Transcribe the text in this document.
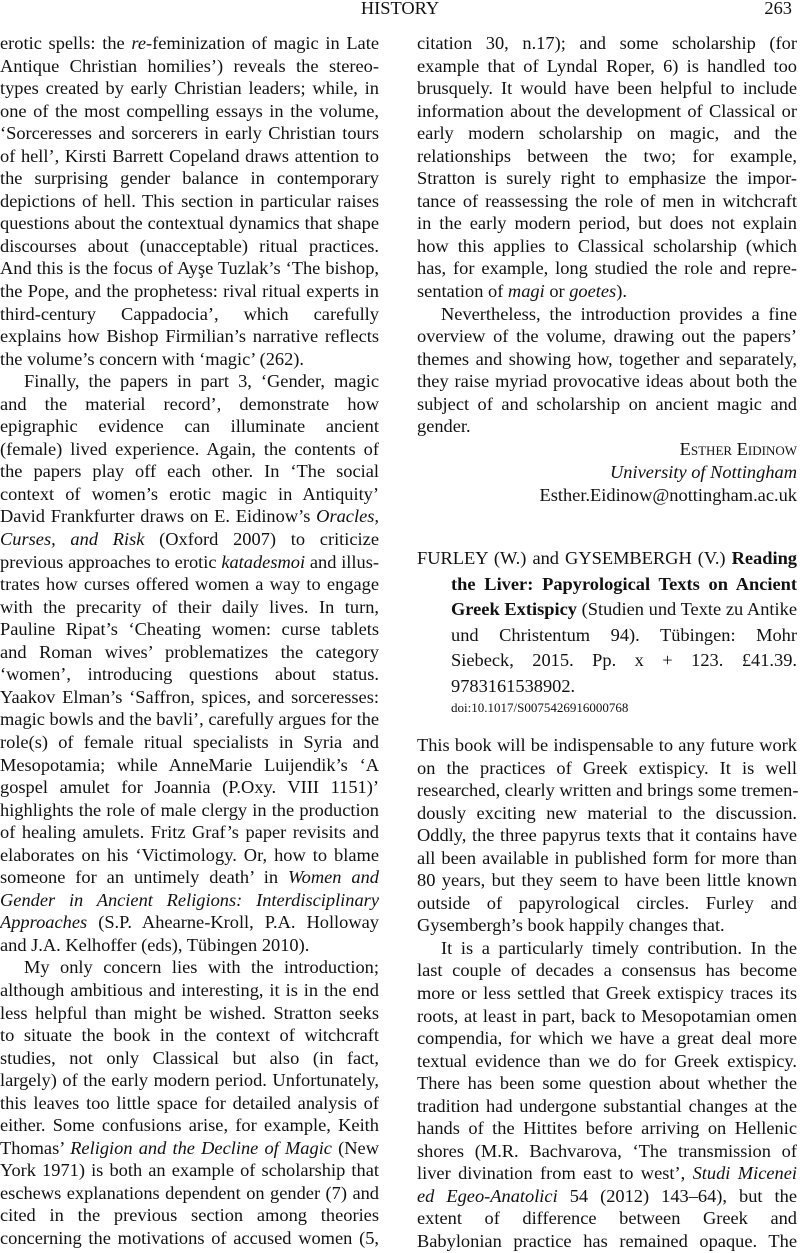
HISTORY	263
erotic spells: the re-feminization of magic in Late
Antique Christian homilies’) reveals the stereo-
types created by early Christian leaders; while, in
one of the most compelling essays in the volume,
‘Sorceresses and sorcerers in early Christian tours
of hell’, Kirsti Barrett Copeland draws attention to
the surprising gender balance in contemporary
depictions of hell. This section in particular raises
questions about the contextual dynamics that shape
discourses about (unacceptable) ritual practices.
And this is the focus of Ayşe Tuzlak’s ‘The bishop,
the Pope, and the prophetess: rival ritual experts in
third-century Cappadocia’, which carefully
explains how Bishop Firmilian’s narrative reflects
the volume’s concern with ‘magic’ (262).
Finally, the papers in part 3, ‘Gender, magic
and the material record’, demonstrate how
epigraphic evidence can illuminate ancient
(female) lived experience. Again, the contents of
the papers play off each other. In ‘The social
context of women’s erotic magic in Antiquity’
David Frankfurter draws on E. Eidinow’s Oracles,
Curses, and Risk (Oxford 2007) to criticize
previous approaches to erotic katadesmoi and illus-
trates how curses offered women a way to engage
with the precarity of their daily lives. In turn,
Pauline Ripat’s ‘Cheating women: curse tablets
and Roman wives’ problematizes the category
‘women’, introducing questions about status.
Yaakov Elman’s ‘Saffron, spices, and sorceresses:
magic bowls and the bavli’, carefully argues for the
role(s) of female ritual specialists in Syria and
Mesopotamia; while AnneMarie Luijendik’s ‘A
gospel amulet for Joannia (P.Oxy. VIII 1151)’
highlights the role of male clergy in the production
of healing amulets. Fritz Graf’s paper revisits and
elaborates on his ‘Victimology. Or, how to blame
someone for an untimely death’ in Women and
Gender in Ancient Religions: Interdisciplinary
Approaches (S.P. Ahearne-Kroll, P.A. Holloway
and J.A. Kelhoffer (eds), Tübingen 2010).
My only concern lies with the introduction;
although ambitious and interesting, it is in the end
less helpful than might be wished. Stratton seeks
to situate the book in the context of witchcraft
studies, not only Classical but also (in fact,
largely) of the early modern period. Unfortunately,
this leaves too little space for detailed analysis of
either. Some confusions arise, for example, Keith
Thomas’ Religion and the Decline of Magic (New
York 1971) is both an example of scholarship that
eschews explanations dependent on gender (7) and
cited in the previous section among theories
concerning the motivations of accused women (5,
citation 30, n.17); and some scholarship (for
example that of Lyndal Roper, 6) is handled too
brusquely. It would have been helpful to include
information about the development of Classical or
early modern scholarship on magic, and the
relationships between the two; for example,
Stratton is surely right to emphasize the impor-
tance of reassessing the role of men in witchcraft
in the early modern period, but does not explain
how this applies to Classical scholarship (which
has, for example, long studied the role and repre-
sentation of magi or goetes).
Nevertheless, the introduction provides a fine
overview of the volume, drawing out the papers’
themes and showing how, together and separately,
they raise myriad provocative ideas about both the
subject of and scholarship on ancient magic and
gender.
Esther Eidinow
University of Nottingham
Esther.Eidinow@nottingham.ac.uk
FURLEY (W.) and GYSEMBERGH (V.) Reading
the Liver: Papyrological Texts on Ancient
Greek Extispicy (Studien und Texte zu Antike
und Christentum 94). Tübingen: Mohr
Siebeck, 2015. Pp. x + 123. £41.39.
9783161538902.
doi:10.1017/S0075426916000768
This book will be indispensable to any future work
on the practices of Greek extispicy. It is well
researched, clearly written and brings some tremen-
dously exciting new material to the discussion.
Oddly, the three papyrus texts that it contains have
all been available in published form for more than
80 years, but they seem to have been little known
outside of papyrological circles. Furley and
Gysembergh’s book happily changes that.
It is a particularly timely contribution. In the
last couple of decades a consensus has become
more or less settled that Greek extispicy traces its
roots, at least in part, back to Mesopotamian omen
compendia, for which we have a great deal more
textual evidence than we do for Greek extispicy.
There has been some question about whether the
tradition had undergone substantial changes at the
hands of the Hittites before arriving on Hellenic
shores (M.R. Bachvarova, ‘The transmission of
liver divination from east to west’, Studi Micenei
ed Egeo-Anatolici 54 (2012) 143–64), but the
extent of difference between Greek and
Babylonian practice has remained opaque. The
